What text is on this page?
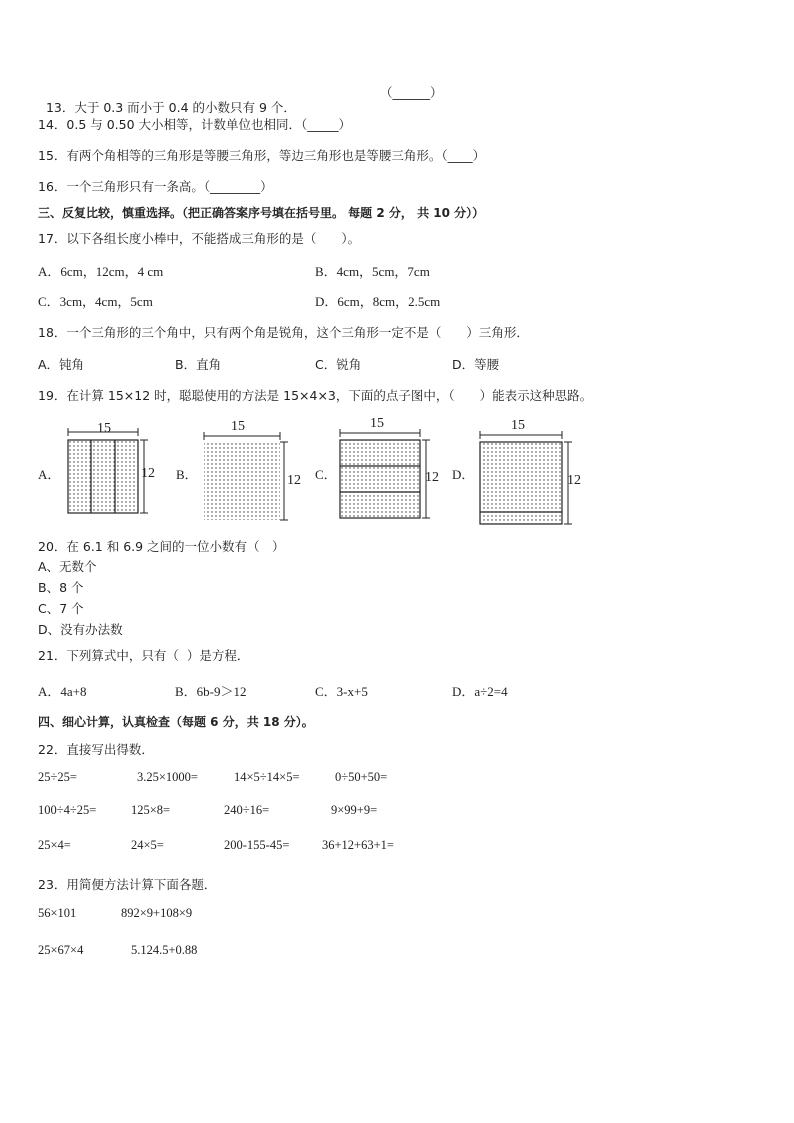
13．大于 0.3 而小于 0.4 的小数只有 9 个．

（______）
14．0.5 与 0.50 大小相等，计数单位也相同．（_____）
15．有两个角相等的三角形是等腰三角形，等边三角形也是等腰三角形。（____）
16．一个三角形只有一条高。（________）
三、反复比较，慎重选择。（把正确答案序号填在括号里。 每题 2 分， 共 10 分））
17．以下各组长度小棒中，不能搭成三角形的是（　　）。
A．6cm，12cm，4 cm	B．4cm，5cm，7cm
C．3cm，4cm，5cm	D．6cm，8cm，2.5cm
18．一个三角形的三个角中，只有两个角是锐角，这个三角形一定不是（　　）三角形．
A．钝角	B．直角	C．锐角	D．等腰
19．在计算 15×12 时，聪聪使用的方法是 15×4×3，下面的点子图中，（　　）能表示这种思路。
A．	B．	C．	D．
15
12
15
12
15
12
15
12
20．在 6.1 和 6.9 之间的一位小数有（　）
A、无数个
B、8 个
C、7 个
D、没有办法数
21．下列算式中，只有（  ）是方程．
A．4a+8	B．6b-9＞12	C．3-x+5	D．a÷2=4
四、细心计算，认真检查（每题 6 分，共 18 分）。
22．直接写出得数．
25÷25=	3.25×1000=	14×5÷14×5=	0÷50+50=
100÷4÷25=	125×8=	240÷16=	9×99+9=
25×4=	24×5=	200-155-45=	36+12+63+1=
23．用简便方法计算下面各题．
56×101	892×9+108×9
25×67×4	5.124.5+0.88
